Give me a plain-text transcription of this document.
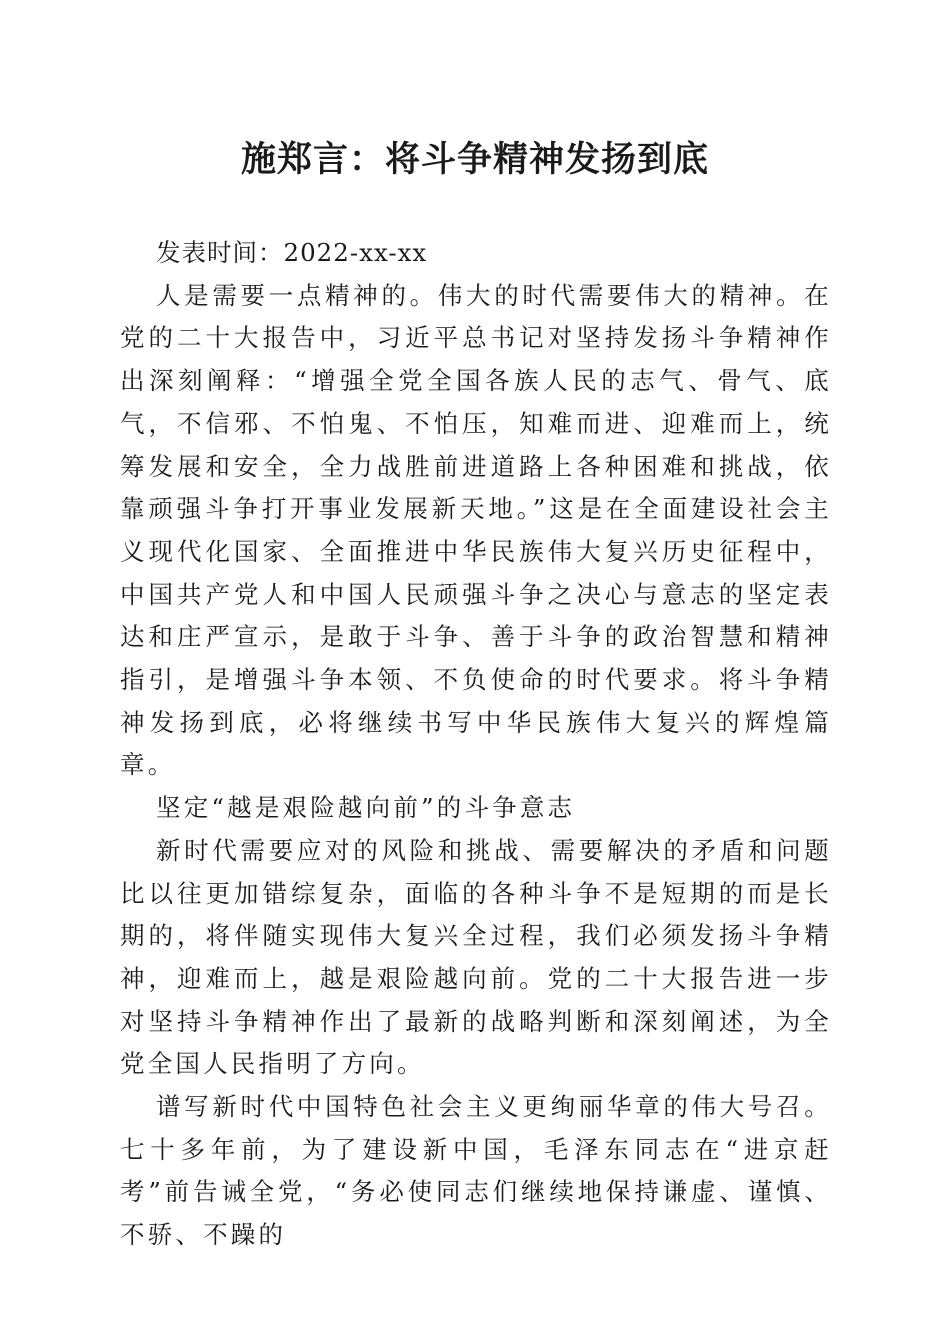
施郑言：将斗争精神发扬到底

发表时间：2022-xx-xx

人是需要一点精神的。伟大的时代需要伟大的精神。在党的二十大报告中，习近平总书记对坚持发扬斗争精神作出深刻阐释：“增强全党全国各族人民的志气、骨气、底气，不信邪、不怕鬼、不怕压，知难而进、迎难而上，统筹发展和安全，全力战胜前进道路上各种困难和挑战，依靠顽强斗争打开事业发展新天地。”这是在全面建设社会主义现代化国家、全面推进中华民族伟大复兴历史征程中，中国共产党人和中国人民顽强斗争之决心与意志的坚定表达和庄严宣示，是敢于斗争、善于斗争的政治智慧和精神指引，是增强斗争本领、不负使命的时代要求。将斗争精神发扬到底，必将继续书写中华民族伟大复兴的辉煌篇章。

坚定“越是艰险越向前”的斗争意志

新时代需要应对的风险和挑战、需要解决的矛盾和问题比以往更加错综复杂，面临的各种斗争不是短期的而是长期的，将伴随实现伟大复兴全过程，我们必须发扬斗争精神，迎难而上，越是艰险越向前。党的二十大报告进一步对坚持斗争精神作出了最新的战略判断和深刻阐述，为全党全国人民指明了方向。

谱写新时代中国特色社会主义更绚丽华章的伟大号召。七十多年前，为了建设新中国，毛泽东同志在“进京赶考”前告诫全党，“务必使同志们继续地保持谦虚、谨慎、不骄、不躁的
